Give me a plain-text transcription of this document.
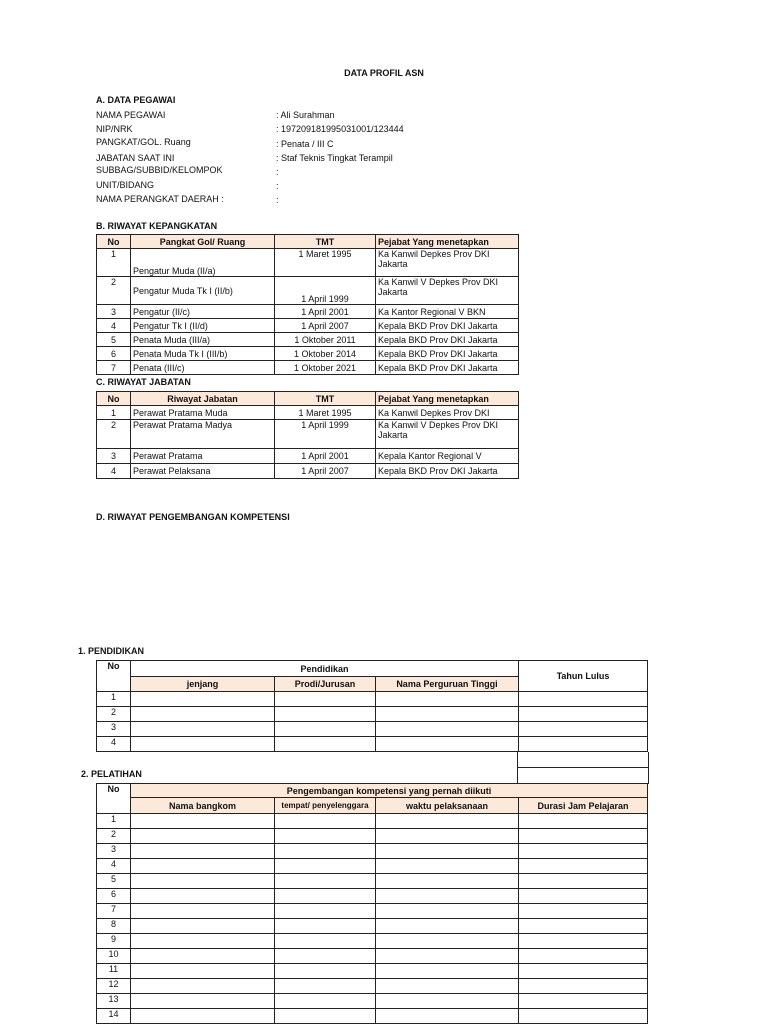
DATA PROFIL ASN
A. DATA PEGAWAI
NAMA PEGAWAI	: Ali Surahman
NIP/NRK	: 197209181995031001/123444
PANGKAT/GOL. Ruang	: Penata / III C
JABATAN SAAT INI	: Staf Teknis Tingkat Terampil
SUBBAG/SUBBID/KELOMPOK	:
UNIT/BIDANG	:
NAMA PERANGKAT DAERAH :	:
B. RIWAYAT KEPANGKATAN
No	Pangkat Gol/ Ruang	TMT	Pejabat Yang menetapkan
1	Pengatur Muda (II/a)	1 Maret 1995	Ka Kanwil Depkes Prov DKI Jakarta
2	Pengatur Muda Tk I (II/b)	1 April 1999	Ka Kanwil V Depkes Prov DKI Jakarta
3	Pengatur (II/c)	1 April 2001	Ka Kantor Regional V BKN
4	Pengatur Tk I (II/d)	1 April 2007	Kepala BKD Prov DKI Jakarta
5	Penata Muda (III/a)	1 Oktober 2011	Kepala BKD Prov DKI Jakarta
6	Penata Muda Tk I (III/b)	1 Oktober 2014	Kepala BKD Prov DKI Jakarta
7	Penata (III/c)	1 Oktober 2021	Kepala BKD Prov DKI Jakarta
C. RIWAYAT JABATAN
No	Riwayat Jabatan	TMT	Pejabat Yang menetapkan
1	Perawat Pratama Muda	1 Maret 1995	Ka Kanwil Depkes Prov DKI
2	Perawat Pratama Madya	1 April 1999	Ka Kanwil V Depkes Prov DKI Jakarta
3	Perawat Pratama	1 April 2001	Kepala Kantor Regional V
4	Perawat Pelaksana	1 April 2007	Kepala BKD Prov DKI Jakarta
D. RIWAYAT PENGEMBANGAN KOMPETENSI
1. PENDIDIKAN
No	Pendidikan			Tahun Lulus
	jenjang	Prodi/Jurusan	Nama Perguruan Tinggi	
1				
2				
3				
4				
2. PELATIHAN
No	Pengembangan kompetensi yang pernah diikuti			
	Nama bangkom	tempat/ penyelenggara	waktu pelaksanaan	Durasi Jam Pelajaran
1				
2				
3				
4				
5				
6				
7				
8				
9				
10				
11				
12				
13				
14				
